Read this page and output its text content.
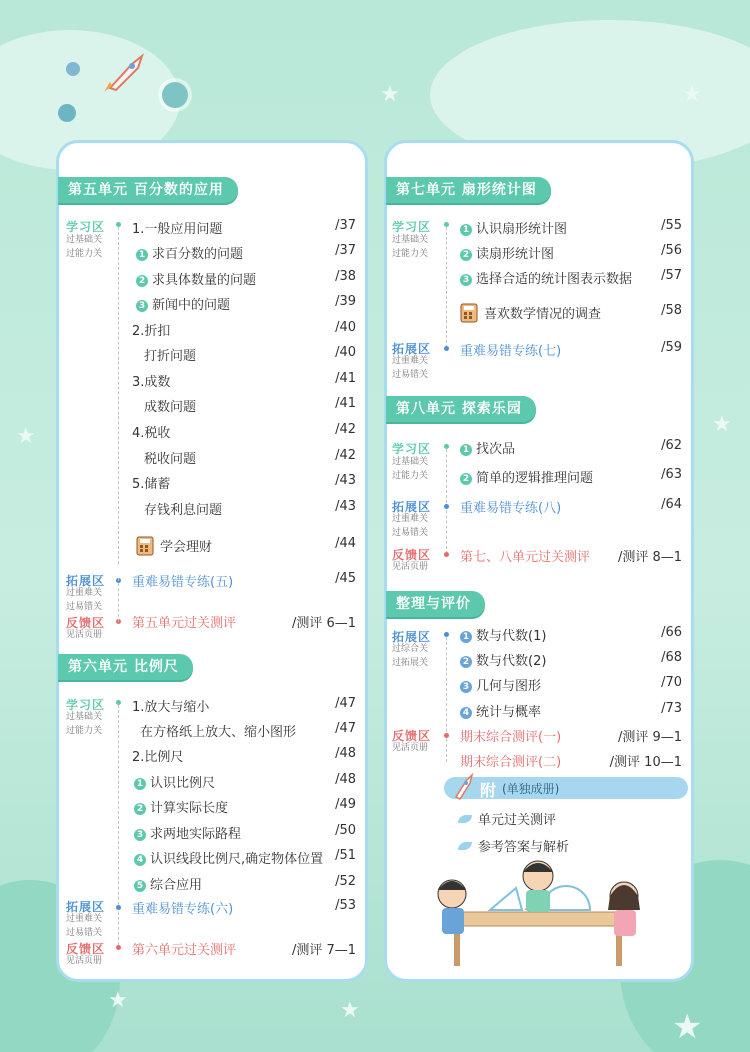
★	★
★	★
★	★	★
第五单元 百分数的应用
学习区
过基础关
过能力关
1.一般应用问题	/37
1 求百分数的问题	/37
2 求具体数量的问题	/38
3 新闻中的问题	/39
2.折扣	/40
打折问题	/40
3.成数	/41
成数问题	/41
4.税收	/42
税收问题	/42
5.储蓄	/43
存钱利息问题	/43
学会理财	/44
拓展区
过重难关
过易错关
重难易错专练(五)	/45
反馈区
见活页册
第五单元过关测评	/测评 6—1
第六单元 比例尺
学习区
过基础关
过能力关
1.放大与缩小	/47
在方格纸上放大、缩小图形	/47
2.比例尺	/48
1 认识比例尺	/48
2 计算实际长度	/49
3 求两地实际路程	/50
4 认识线段比例尺,确定物体位置 /51
5 综合应用	/52
拓展区
过重难关
过易错关
重难易错专练(六)	/53
反馈区
见活页册
第六单元过关测评	/测评 7—1
第七单元 扇形统计图
学习区
过基础关
过能力关
1 认识扇形统计图	/55
2 读扇形统计图	/56
3 选择合适的统计图表示数据	/57
喜欢数学情况的调查	/58
拓展区
过重难关
过易错关
重难易错专练(七)	/59
第八单元 探索乐园
学习区
过基础关
过能力关
1 找次品	/62
2 简单的逻辑推理问题	/63
拓展区
过重难关
过易错关
重难易错专练(八)	/64
反馈区
见活页册
第七、八单元过关测评	/测评 8—1
整理与评价
拓展区
过综合关
过拓展关
1 数与代数(1)	/66
2 数与代数(2)	/68
3 几何与图形	/70
4 统计与概率	/73
反馈区
见活页册
期末综合测评(一)	/测评 9—1
期末综合测评(二)	/测评 10—1
附 (单独成册)
单元过关测评
参考答案与解析
